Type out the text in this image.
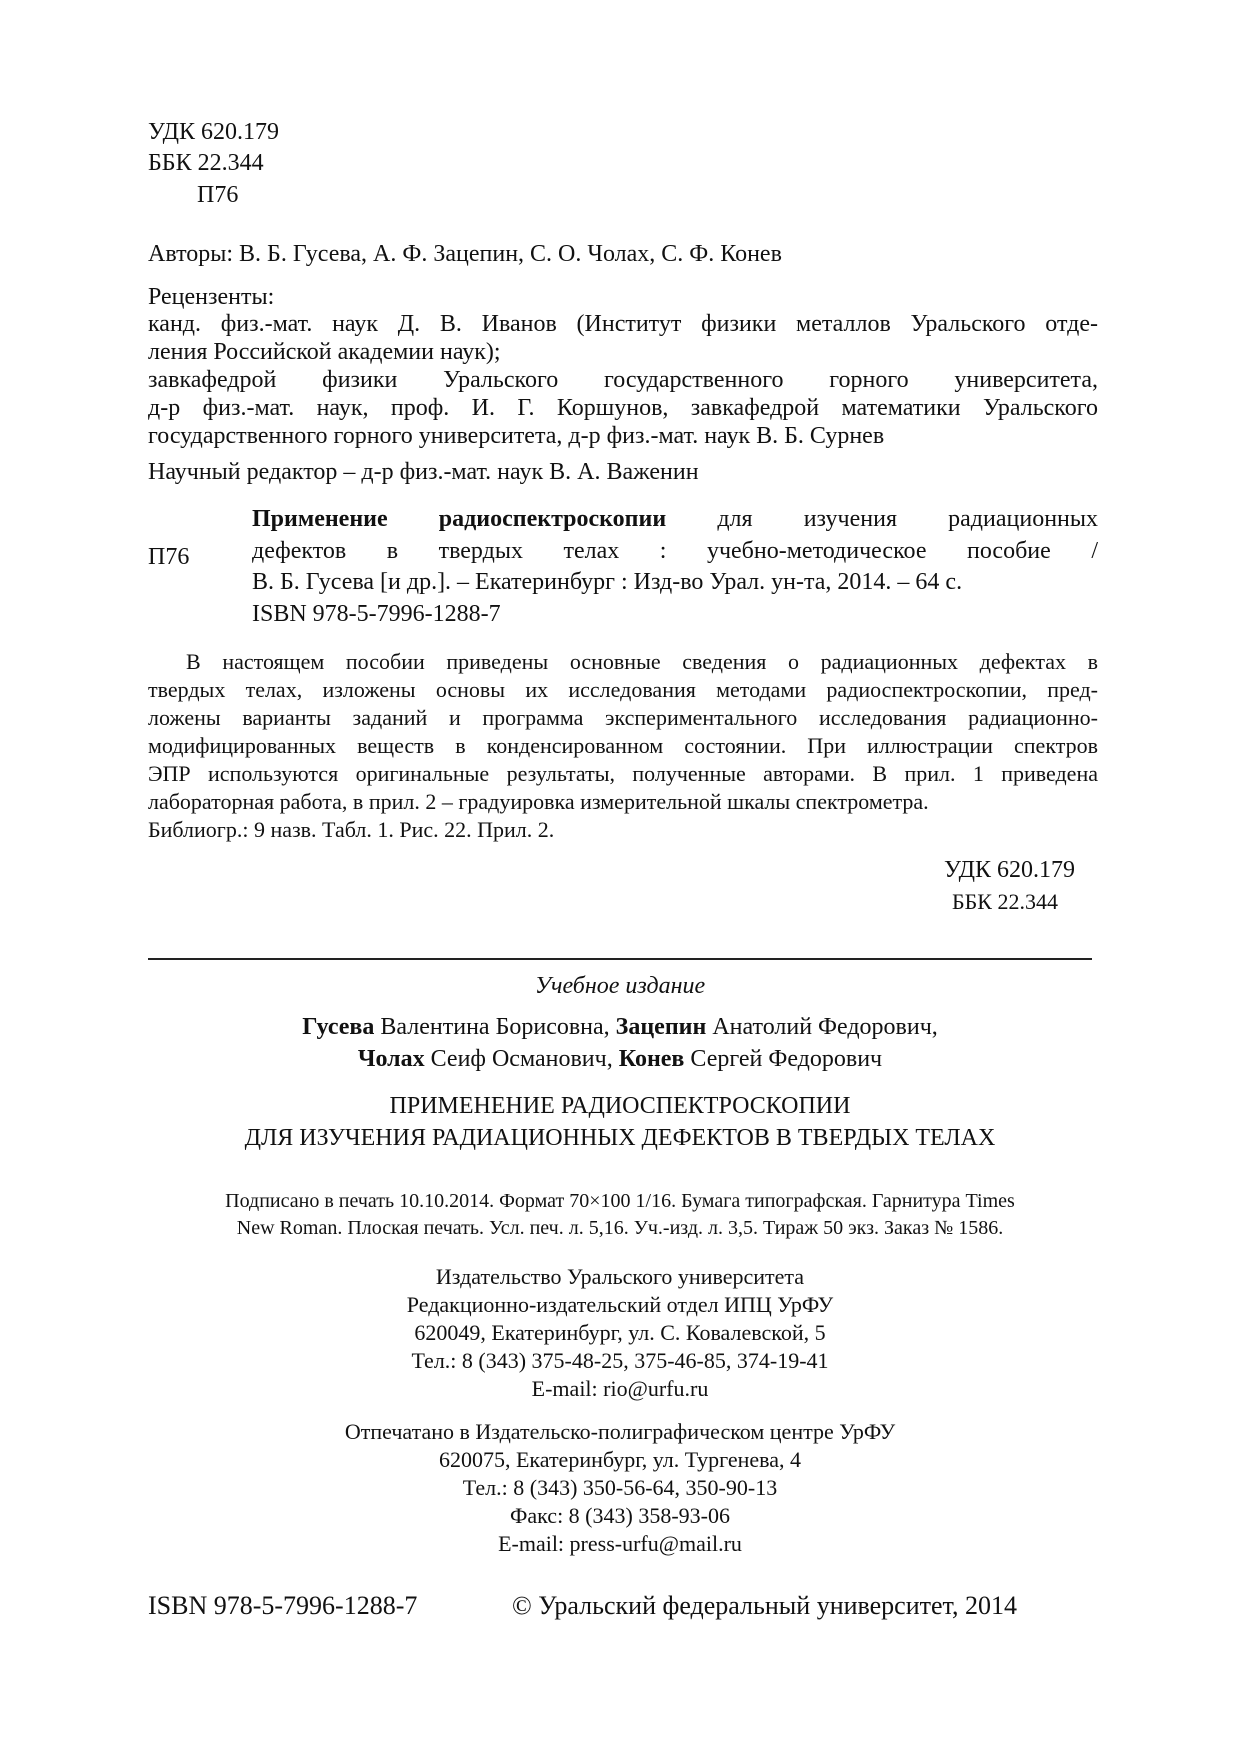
УДК 620.179
ББК 22.344
П76
Авторы: В. Б. Гусева, А. Ф. Зацепин, С. О. Чолах, С. Ф. Конев
Рецензенты:
канд. физ.-мат. наук Д. В. Иванов (Институт физики металлов Уральского отде-
ления Российской академии наук);
завкафедрой физики Уральского государственного горного университета,
д-р физ.-мат. наук, проф. И. Г. Коршунов, завкафедрой математики Уральского
государственного горного университета, д-р физ.-мат. наук В. Б. Сурнев
Научный редактор – д-р физ.-мат. наук В. А. Важенин
П76
Применение радиоспектроскопии для изучения радиационных
дефектов в твердых телах : учебно-методическое пособие /
В. Б. Гусева [и др.]. – Екатеринбург : Изд-во Урал. ун-та, 2014. – 64 с.
ISBN 978-5-7996-1288-7
В настоящем пособии приведены основные сведения о радиационных дефектах в
твердых телах, изложены основы их исследования методами радиоспектроскопии, пред-
ложены варианты заданий и программа экспериментального исследования радиационно-
модифицированных веществ в конденсированном состоянии. При иллюстрации спектров
ЭПР используются оригинальные результаты, полученные авторами. В прил. 1 приведена
лабораторная работа, в прил. 2 – градуировка измерительной шкалы спектрометра.
Библиогр.: 9 назв. Табл. 1. Рис. 22. Прил. 2.
УДК 620.179
ББК 22.344
Учебное издание
Гусева Валентина Борисовна, Зацепин Анатолий Федорович,
Чолах Сеиф Османович, Конев Сергей Федорович
ПРИМЕНЕНИЕ РАДИОСПЕКТРОСКОПИИ
ДЛЯ ИЗУЧЕНИЯ РАДИАЦИОННЫХ ДЕФЕКТОВ В ТВЕРДЫХ ТЕЛАХ
Подписано в печать 10.10.2014. Формат 70×100 1/16. Бумага типографская. Гарнитура Times
New Roman. Плоская печать. Усл. печ. л. 5,16. Уч.-изд. л. 3,5. Тираж 50 экз. Заказ № 1586.
Издательство Уральского университета
Редакционно-издательский отдел ИПЦ УрФУ
620049, Екатеринбург, ул. С. Ковалевской, 5
Тел.: 8 (343) 375-48-25, 375-46-85, 374-19-41
E-mail: rio@urfu.ru
Отпечатано в Издательско-полиграфическом центре УрФУ
620075, Екатеринбург, ул. Тургенева, 4
Тел.: 8 (343) 350-56-64, 350-90-13
Факс: 8 (343) 358-93-06
E-mail: press-urfu@mail.ru
ISBN 978-5-7996-1288-7	© Уральский федеральный университет, 2014
